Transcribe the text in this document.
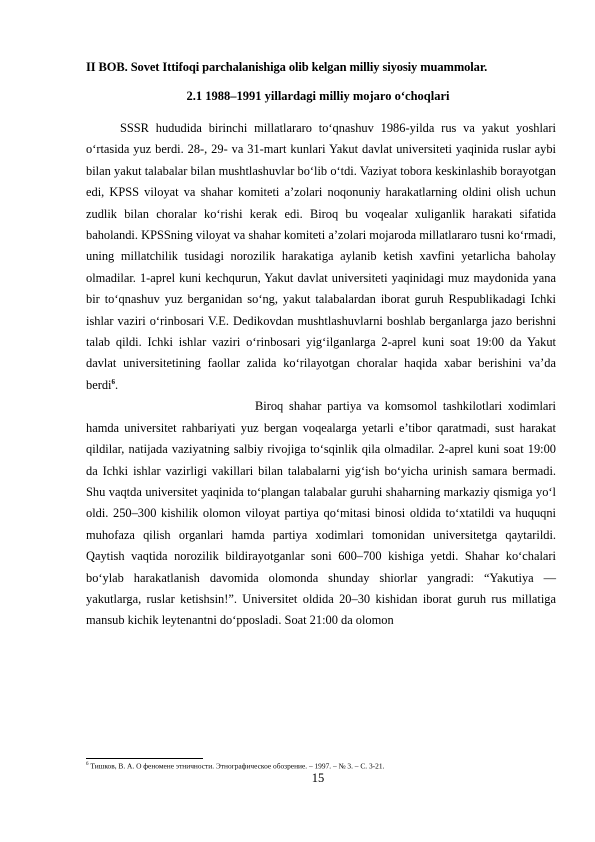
II BOB. Sovet Ittifoqi parchalanishiga olib kelgan milliy siyosiy muammolar.
2.1 1988–1991 yillardagi milliy mojaro o‘choqlari

SSSR hududida birinchi millatlararo to‘qnashuv 1986-yilda rus va yakut yoshlari o‘rtasida yuz berdi. 28-, 29- va 31-mart kunlari Yakut davlat universiteti yaqinida ruslar aybi bilan yakut talabalar bilan mushtlashuvlar bo‘lib o‘tdi. Vaziyat tobora keskinlashib borayotgan edi, KPSS viloyat va shahar komiteti a’zolari noqonuniy harakatlarning oldini olish uchun zudlik bilan choralar ko‘rishi kerak edi. Biroq bu voqealar xuliganlik harakati sifatida baholandi. KPSSning viloyat va shahar komiteti a’zolari mojaroda millatlararo tusni ko‘rmadi, uning millatchilik tusidagi norozilik harakatiga aylanib ketish xavfini yetarlicha baholay olmadilar. 1-aprel kuni kechqurun, Yakut davlat universiteti yaqinidagi muz maydonida yana bir to‘qnashuv yuz berganidan so‘ng, yakut talabalardan iborat guruh Respublikadagi Ichki ishlar vaziri o‘rinbosari V.E. Dedikovdan mushtlashuvlarni boshlab berganlarga jazo berishni talab qildi. Ichki ishlar vaziri o‘rinbosari yig‘ilganlarga 2-aprel kuni soat 19:00 da Yakut davlat universitetining faollar zalida ko‘rilayotgan choralar haqida xabar berishini va’da berdi$^6$.

Biroq shahar partiya va komsomol tashkilotlari xodimlari hamda universitet rahbariyati yuz bergan voqealarga yetarli e’tibor qaratmadi, sust harakat qildilar, natijada vaziyatning salbiy rivojiga to‘sqinlik qila olmadilar. 2-aprel kuni soat 19:00 da Ichki ishlar vazirligi vakillari bilan talabalarni yig‘ish bo‘yicha urinish samara bermadi. Shu vaqtda universitet yaqinida to‘plangan talabalar guruhi shaharning markaziy qismiga yo‘l oldi. 250–300 kishilik olomon viloyat partiya qo‘mitasi binosi oldida to‘xtatildi va huquqni muhofaza qilish organlari hamda partiya xodimlari tomonidan universitetga qaytarildi. Qaytish vaqtida norozilik bildirayotganlar soni 600–700 kishiga yetdi. Shahar ko‘chalari bo‘ylab harakatlanish davomida olomonda shunday shiorlar yangradi: “Yakutiya — yakutlarga, ruslar ketishsin!”. Universitet oldida 20–30 kishidan iborat guruh rus millatiga mansub kichik leytenantni do‘pposladi. Soat 21:00 da olomon

$^6$ Тишков, В. А. О феномене этничности. Этнографическое обозрение. – 1997. – № 3. – С. 3-21.
15
